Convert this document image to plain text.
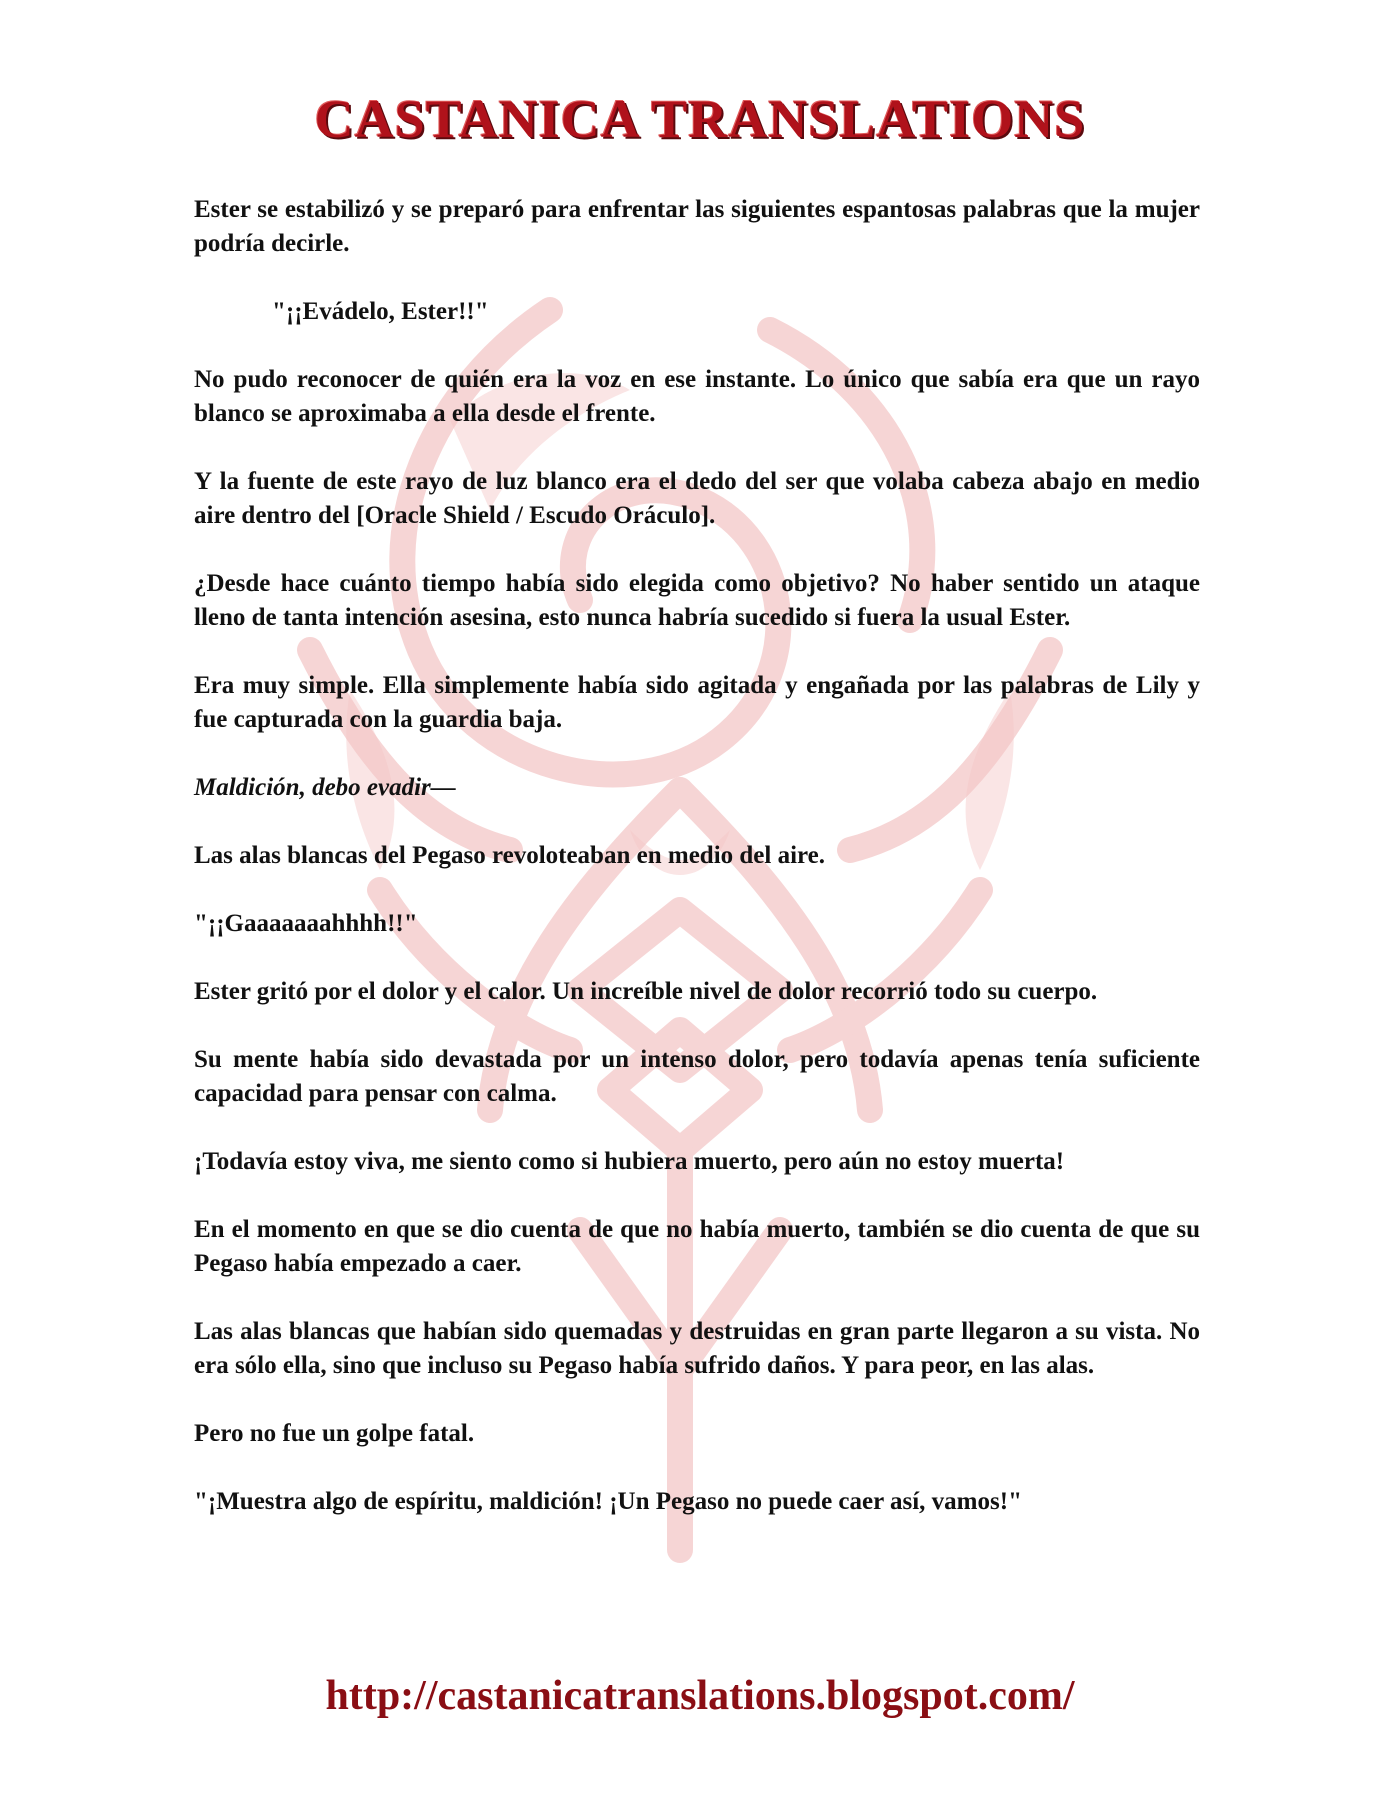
CASTANICA TRANSLATIONS

Ester se estabilizó y se preparó para enfrentar las siguientes espantosas palabras que la mujer podría decirle.

"¡¡Evádelo, Ester!!"

No pudo reconocer de quién era la voz en ese instante. Lo único que sabía era que un rayo blanco se aproximaba a ella desde el frente.

Y la fuente de este rayo de luz blanco era el dedo del ser que volaba cabeza abajo en medio aire dentro del [Oracle Shield / Escudo Oráculo].

¿Desde hace cuánto tiempo había sido elegida como objetivo? No haber sentido un ataque lleno de tanta intención asesina, esto nunca habría sucedido si fuera la usual Ester.

Era muy simple. Ella simplemente había sido agitada y engañada por las palabras de Lily y fue capturada con la guardia baja.

Maldición, debo evadir—

Las alas blancas del Pegaso revoloteaban en medio del aire.

"¡¡Gaaaaaaahhhh!!"

Ester gritó por el dolor y el calor. Un increíble nivel de dolor recorrió todo su cuerpo.

Su mente había sido devastada por un intenso dolor, pero todavía apenas tenía suficiente capacidad para pensar con calma.

¡Todavía estoy viva, me siento como si hubiera muerto, pero aún no estoy muerta!

En el momento en que se dio cuenta de que no había muerto, también se dio cuenta de que su Pegaso había empezado a caer.

Las alas blancas que habían sido quemadas y destruidas en gran parte llegaron a su vista. No era sólo ella, sino que incluso su Pegaso había sufrido daños. Y para peor, en las alas.

Pero no fue un golpe fatal.

"¡Muestra algo de espíritu, maldición! ¡Un Pegaso no puede caer así, vamos!"

http://castanicatranslations.blogspot.com/
